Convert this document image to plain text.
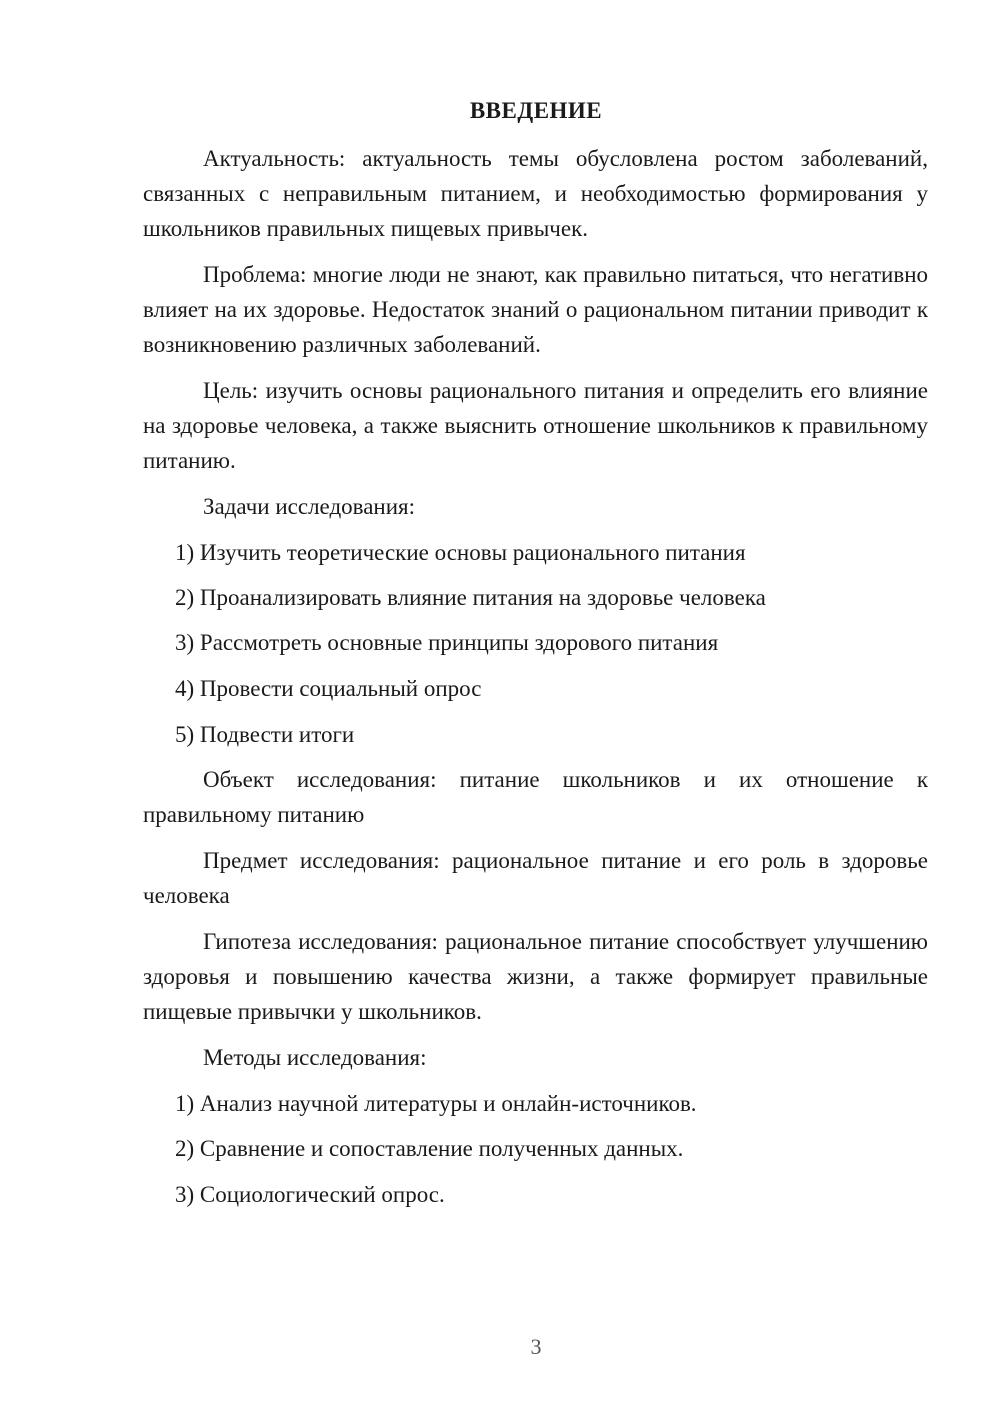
ВВЕДЕНИЕ

Актуальность: актуальность темы обусловлена ростом заболеваний, связанных с неправильным питанием, и необходимостью формирования у школьников правильных пищевых привычек.

Проблема: многие люди не знают, как правильно питаться, что негативно влияет на их здоровье. Недостаток знаний о рациональном питании приводит к возникновению различных заболеваний.

Цель: изучить основы рационального питания и определить его влияние на здоровье человека, а также выяснить отношение школьников к правильному питанию.

Задачи исследования:

1) Изучить теоретические основы рационального питания

2) Проанализировать влияние питания на здоровье человека

3) Рассмотреть основные принципы здорового питания

4) Провести социальный опрос

5) Подвести итоги

Объект исследования: питание школьников и их отношение к правильному питанию

Предмет исследования: рациональное питание и его роль в здоровье человека

Гипотеза исследования: рациональное питание способствует улучшению здоровья и повышению качества жизни, а также формирует правильные пищевые привычки у школьников.

Методы исследования:

1) Анализ научной литературы и онлайн-источников.

2) Сравнение и сопоставление полученных данных.

3) Социологический опрос.

3
